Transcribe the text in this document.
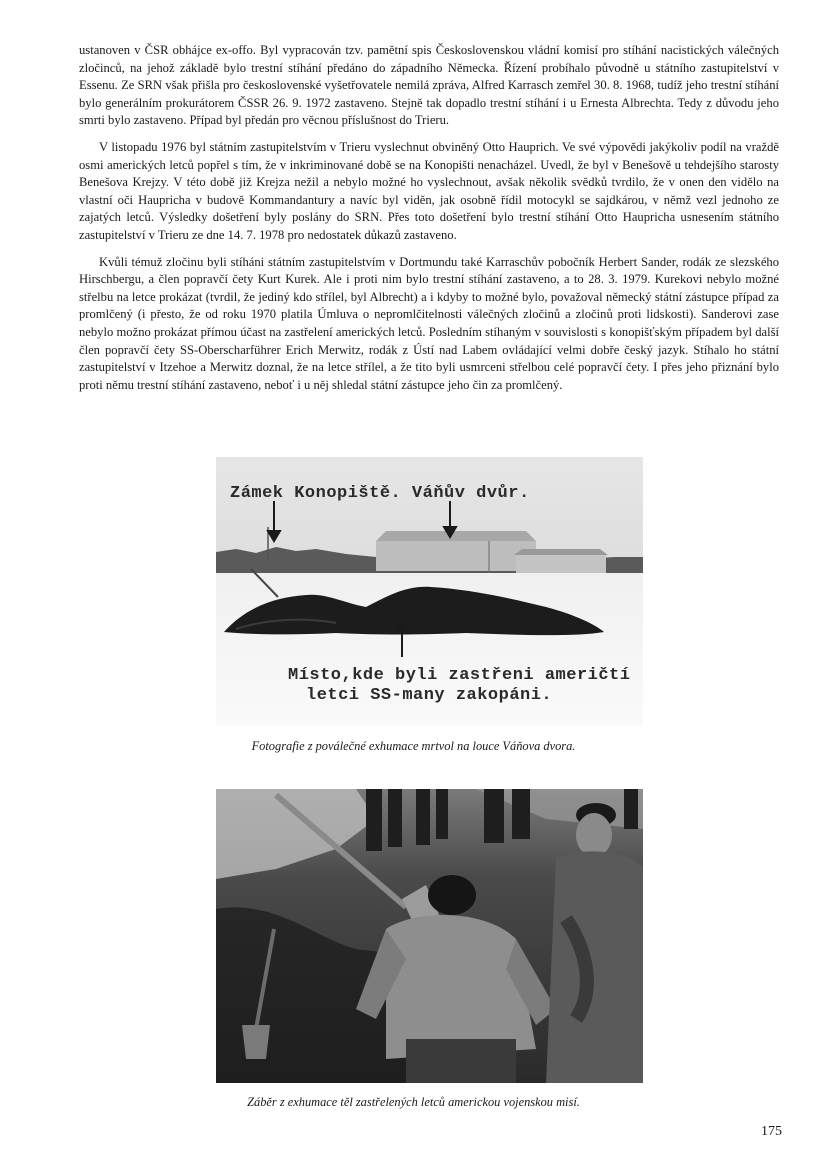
ustanoven v ČSR obhájce ex-offo. Byl vypracován tzv. pamětní spis Československou vládní komisí pro stíhání nacistických válečných zločinců, na jehož základě bylo trestní stíhání předáno do západního Německa. Řízení probíhalo původně u státního zastupitelství v Essenu. Ze SRN však přišla pro československé vyšetřovatele nemilá zpráva, Alfred Karrasch zemřel 30. 8. 1968, tudíž jeho trestní stíhání bylo generálním prokurátorem ČSSR 26. 9. 1972 zastaveno. Stejně tak dopadlo trestní stíhání i u Ernesta Albrechta. Tedy z důvodu jeho smrti bylo zastaveno. Případ byl předán pro věcnou příslušnost do Trieru.

V listopadu 1976 byl státním zastupitelstvím v Trieru vyslechnut obviněný Otto Hauprich. Ve své výpovědi jakýkoliv podíl na vraždě osmi amerických letců popřel s tím, že v inkriminované době se na Konopišti nenacházel. Uvedl, že byl v Benešově u tehdejšího starosty Benešova Krejzy. V této době již Krejza nežil a nebylo možné ho vyslechnout, avšak několik svědků tvrdilo, že v onen den vidělo na vlastní oči Haupricha v budově Kommandantury a navíc byl viděn, jak osobně řídil motocykl se sajdkárou, v němž vezl jednoho ze zajatých letců. Výsledky došetření byly poslány do SRN. Přes toto došetření bylo trestní stíhání Otto Haupricha usnesením státního zastupitelství v Trieru ze dne 14. 7. 1978 pro nedostatek důkazů zastaveno.

Kvůli témuž zločinu byli stíháni státním zastupitelstvím v Dortmundu také Karraschův pobočník Herbert Sander, rodák ze slezského Hirschbergu, a člen popravčí čety Kurt Kurek. Ale i proti nim bylo trestní stíhání zastaveno, a to 28. 3. 1979. Kurekovi nebylo možné střelbu na letce prokázat (tvrdil, že jediný kdo střílel, byl Albrecht) a i kdyby to možné bylo, považoval německý státní zástupce případ za promlčený (i přesto, že od roku 1970 platila Úmluva o nepromlčitelnosti válečných zločinů a zločinů proti lidskosti). Sanderovi zase nebylo možno prokázat přímou účast na zastřelení amerických letců. Posledním stíhaným v souvislosti s konopišťským případem byl další člen popravčí čety SS-Oberscharführer Erich Merwitz, rodák z Ústí nad Labem ovládající velmi dobře český jazyk. Stíhalo ho státní zastupitelství v Itzehoe a Merwitz doznal, že na letce střílel, a že tito byli usmrceni střelbou celé popravčí čety. I přes jeho přiznání bylo proti němu trestní stíhání zastaveno, neboť i u něj shledal státní zástupce jeho čin za promlčený.

Zámek Konopiště. Váňův dvůr.
Místo,kde byli zastřeni američtí
letci SS-many zakopáni.
Fotografie z poválečné exhumace mrtvol na louce Váňova dvora.
Záběr z exhumace těl zastřelených letců americkou vojenskou misí.
175
